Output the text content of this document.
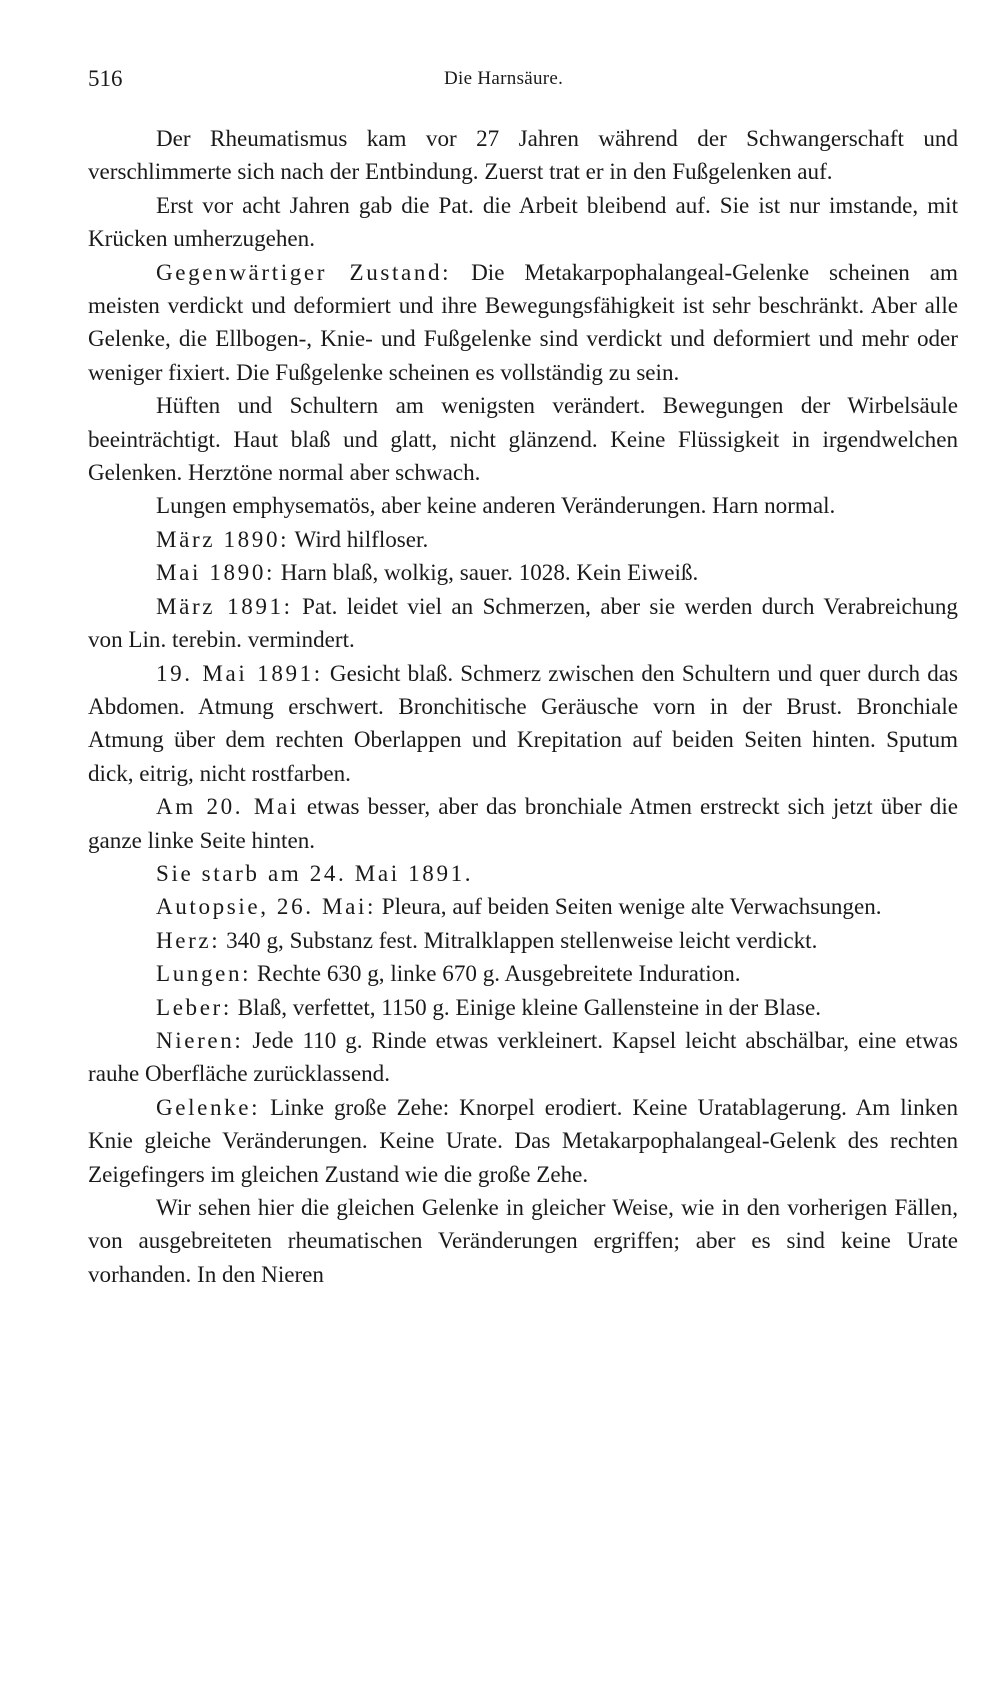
516	Die Harnsäure.

Der Rheumatismus kam vor 27 Jahren während der Schwangerschaft und verschlimmerte sich nach der Entbindung. Zuerst trat er in den Fußgelenken auf.

Erst vor acht Jahren gab die Pat. die Arbeit bleibend auf. Sie ist nur imstande, mit Krücken umherzugehen.

Gegenwärtiger Zustand: Die Metakarpophalangeal-Gelenke scheinen am meisten verdickt und deformiert und ihre Bewegungsfähigkeit ist sehr beschränkt. Aber alle Gelenke, die Ellbogen-, Knie- und Fußgelenke sind verdickt und deformiert und mehr oder weniger fixiert. Die Fußgelenke scheinen es vollständig zu sein.

Hüften und Schultern am wenigsten verändert. Bewegungen der Wirbelsäule beeinträchtigt. Haut blaß und glatt, nicht glänzend. Keine Flüssigkeit in irgendwelchen Gelenken. Herztöne normal aber schwach.

Lungen emphysematös, aber keine anderen Veränderungen. Harn normal.

März 1890: Wird hilfloser.

Mai 1890: Harn blaß, wolkig, sauer. 1028. Kein Eiweiß.

März 1891: Pat. leidet viel an Schmerzen, aber sie werden durch Verabreichung von Lin. terebin. vermindert.

19. Mai 1891: Gesicht blaß. Schmerz zwischen den Schultern und quer durch das Abdomen. Atmung erschwert. Bronchitische Geräusche vorn in der Brust. Bronchiale Atmung über dem rechten Oberlappen und Krepitation auf beiden Seiten hinten. Sputum dick, eitrig, nicht rostfarben.

Am 20. Mai etwas besser, aber das bronchiale Atmen erstreckt sich jetzt über die ganze linke Seite hinten.

Sie starb am 24. Mai 1891.

Autopsie, 26. Mai: Pleura, auf beiden Seiten wenige alte Verwachsungen.

Herz: 340 g, Substanz fest. Mitralklappen stellenweise leicht verdickt.

Lungen: Rechte 630 g, linke 670 g. Ausgebreitete Induration.

Leber: Blaß, verfettet, 1150 g. Einige kleine Gallensteine in der Blase.

Nieren: Jede 110 g. Rinde etwas verkleinert. Kapsel leicht abschälbar, eine etwas rauhe Oberfläche zurücklassend.

Gelenke: Linke große Zehe: Knorpel erodiert. Keine Uratablagerung. Am linken Knie gleiche Veränderungen. Keine Urate. Das Metakarpophalangeal-Gelenk des rechten Zeigefingers im gleichen Zustand wie die große Zehe.

Wir sehen hier die gleichen Gelenke in gleicher Weise, wie in den vorherigen Fällen, von ausgebreiteten rheumatischen Veränderungen ergriffen; aber es sind keine Urate vorhanden. In den Nieren
